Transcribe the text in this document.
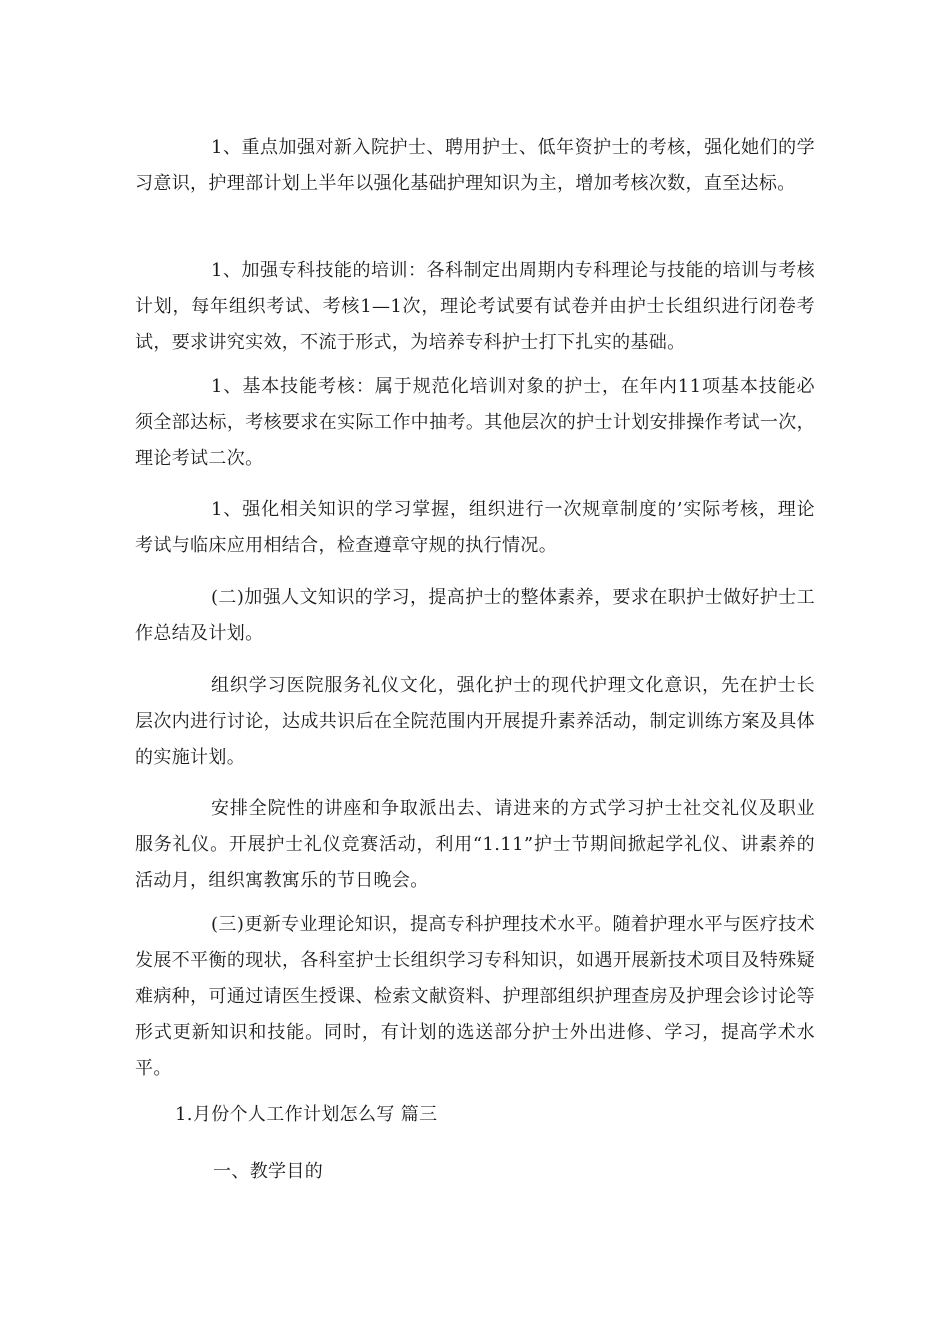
1、重点加强对新入院护士、聘用护士、低年资护士的考核，强化她们的学习意识，护理部计划上半年以强化基础护理知识为主，增加考核次数，直至达标。

1、加强专科技能的培训：各科制定出周期内专科理论与技能的培训与考核计划，每年组织考试、考核1—1次，理论考试要有试卷并由护士长组织进行闭卷考试，要求讲究实效，不流于形式，为培养专科护士打下扎实的基础。

1、基本技能考核：属于规范化培训对象的护士，在年内11项基本技能必须全部达标，考核要求在实际工作中抽考。其他层次的护士计划安排操作考试一次，理论考试二次。

1、强化相关知识的学习掌握，组织进行一次规章制度的’实际考核，理论考试与临床应用相结合，检查遵章守规的执行情况。

(二)加强人文知识的学习，提高护士的整体素养，要求在职护士做好护士工作总结及计划。

组织学习医院服务礼仪文化，强化护士的现代护理文化意识，先在护士长层次内进行讨论，达成共识后在全院范围内开展提升素养活动，制定训练方案及具体的实施计划。

安排全院性的讲座和争取派出去、请进来的方式学习护士社交礼仪及职业服务礼仪。开展护士礼仪竞赛活动，利用“1.11”护士节期间掀起学礼仪、讲素养的活动月，组织寓教寓乐的节日晚会。

(三)更新专业理论知识，提高专科护理技术水平。随着护理水平与医疗技术发展不平衡的现状，各科室护士长组织学习专科知识，如遇开展新技术项目及特殊疑难病种，可通过请医生授课、检索文献资料、护理部组织护理查房及护理会诊讨论等形式更新知识和技能。同时，有计划的选送部分护士外出进修、学习，提高学术水平。

1.月份个人工作计划怎么写 篇三

一、教学目的
